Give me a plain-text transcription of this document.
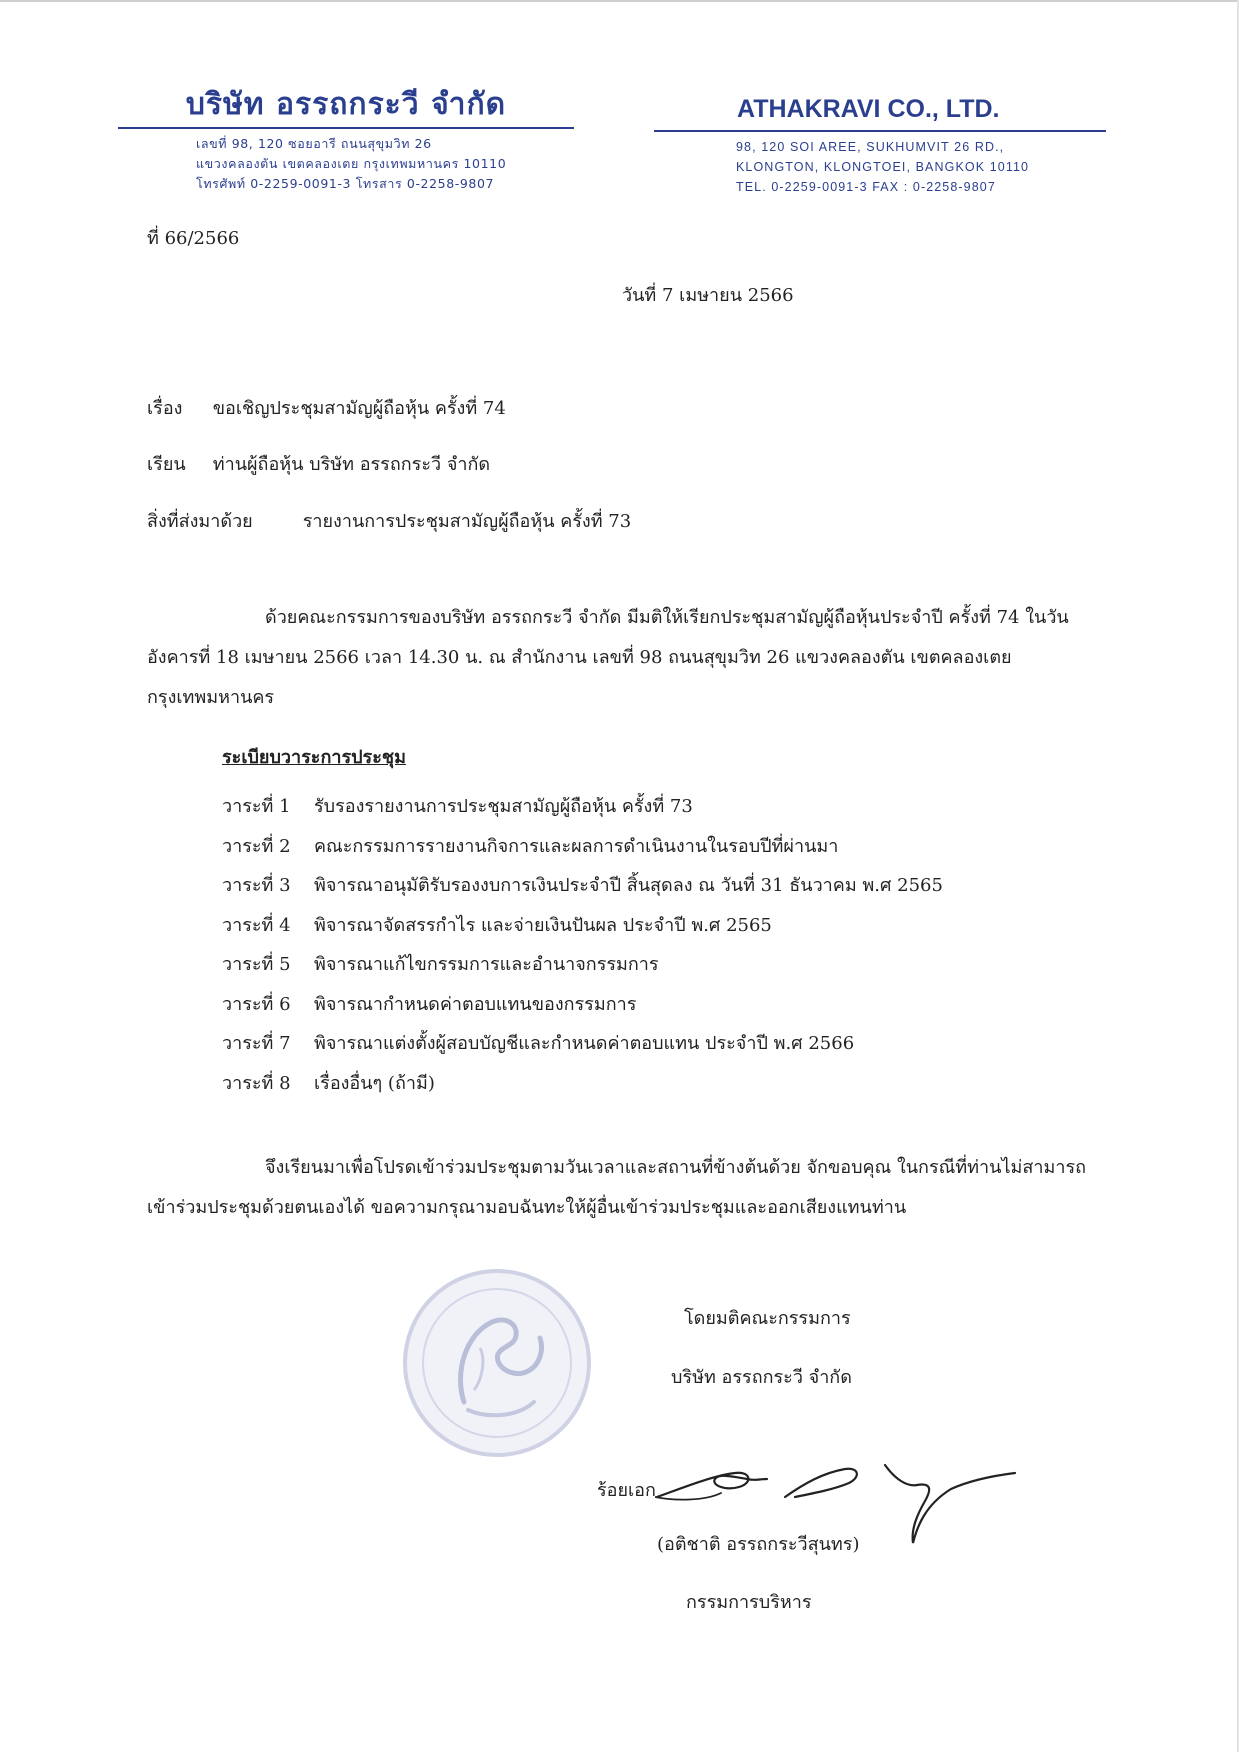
บริษัท อรรถกระวี จำกัด
เลขที่ 98, 120 ซอยอารี ถนนสุขุมวิท 26
แขวงคลองตัน เขตคลองเตย กรุงเทพมหานคร 10110
โทรศัพท์ 0-2259-0091-3 โทรสาร 0-2258-9807
ATHAKRAVI CO., LTD.
98, 120 SOI AREE, SUKHUMVIT 26 RD.,
KLONGTON, KLONGTOEI, BANGKOK 10110
TEL. 0-2259-0091-3 FAX : 0-2258-9807
ที่ 66/2566
วันที่ 7 เมษายน 2566
เรื่อง ขอเชิญประชุมสามัญผู้ถือหุ้น ครั้งที่ 74
เรียน ท่านผู้ถือหุ้น บริษัท อรรถกระวี จำกัด
สิ่งที่ส่งมาด้วย	รายงานการประชุมสามัญผู้ถือหุ้น ครั้งที่ 73
ด้วยคณะกรรมการของบริษัท อรรถกระวี จำกัด มีมติให้เรียกประชุมสามัญผู้ถือหุ้นประจำปี ครั้งที่ 74 ในวันอังคารที่ 18 เมษายน 2566 เวลา 14.30 น. ณ สำนักงาน เลขที่ 98 ถนนสุขุมวิท 26 แขวงคลองตัน เขตคลองเตย กรุงเทพมหานคร
ระเบียบวาระการประชุม
วาระที่ 1 รับรองรายงานการประชุมสามัญผู้ถือหุ้น ครั้งที่ 73
วาระที่ 2 คณะกรรมการรายงานกิจการและผลการดำเนินงานในรอบปีที่ผ่านมา
วาระที่ 3 พิจารณาอนุมัติรับรองงบการเงินประจำปี สิ้นสุดลง ณ วันที่ 31 ธันวาคม พ.ศ 2565
วาระที่ 4 พิจารณาจัดสรรกำไร และจ่ายเงินปันผล ประจำปี พ.ศ 2565
วาระที่ 5 พิจารณาแก้ไขกรรมการและอำนาจกรรมการ
วาระที่ 6 พิจารณากำหนดค่าตอบแทนของกรรมการ
วาระที่ 7 พิจารณาแต่งตั้งผู้สอบบัญชีและกำหนดค่าตอบแทน ประจำปี พ.ศ 2566
วาระที่ 8 เรื่องอื่นๆ (ถ้ามี)
จึงเรียนมาเพื่อโปรดเข้าร่วมประชุมตามวันเวลาและสถานที่ข้างต้นด้วย จักขอบคุณ ในกรณีที่ท่านไม่สามารถเข้าร่วมประชุมด้วยตนเองได้ ขอความกรุณามอบฉันทะให้ผู้อื่นเข้าร่วมประชุมและออกเสียงแทนท่าน
โดยมติคณะกรรมการ
บริษัท อรรถกระวี จำกัด
ร้อยเอก
(อติชาติ อรรถกระวีสุนทร)
กรรมการบริหาร
